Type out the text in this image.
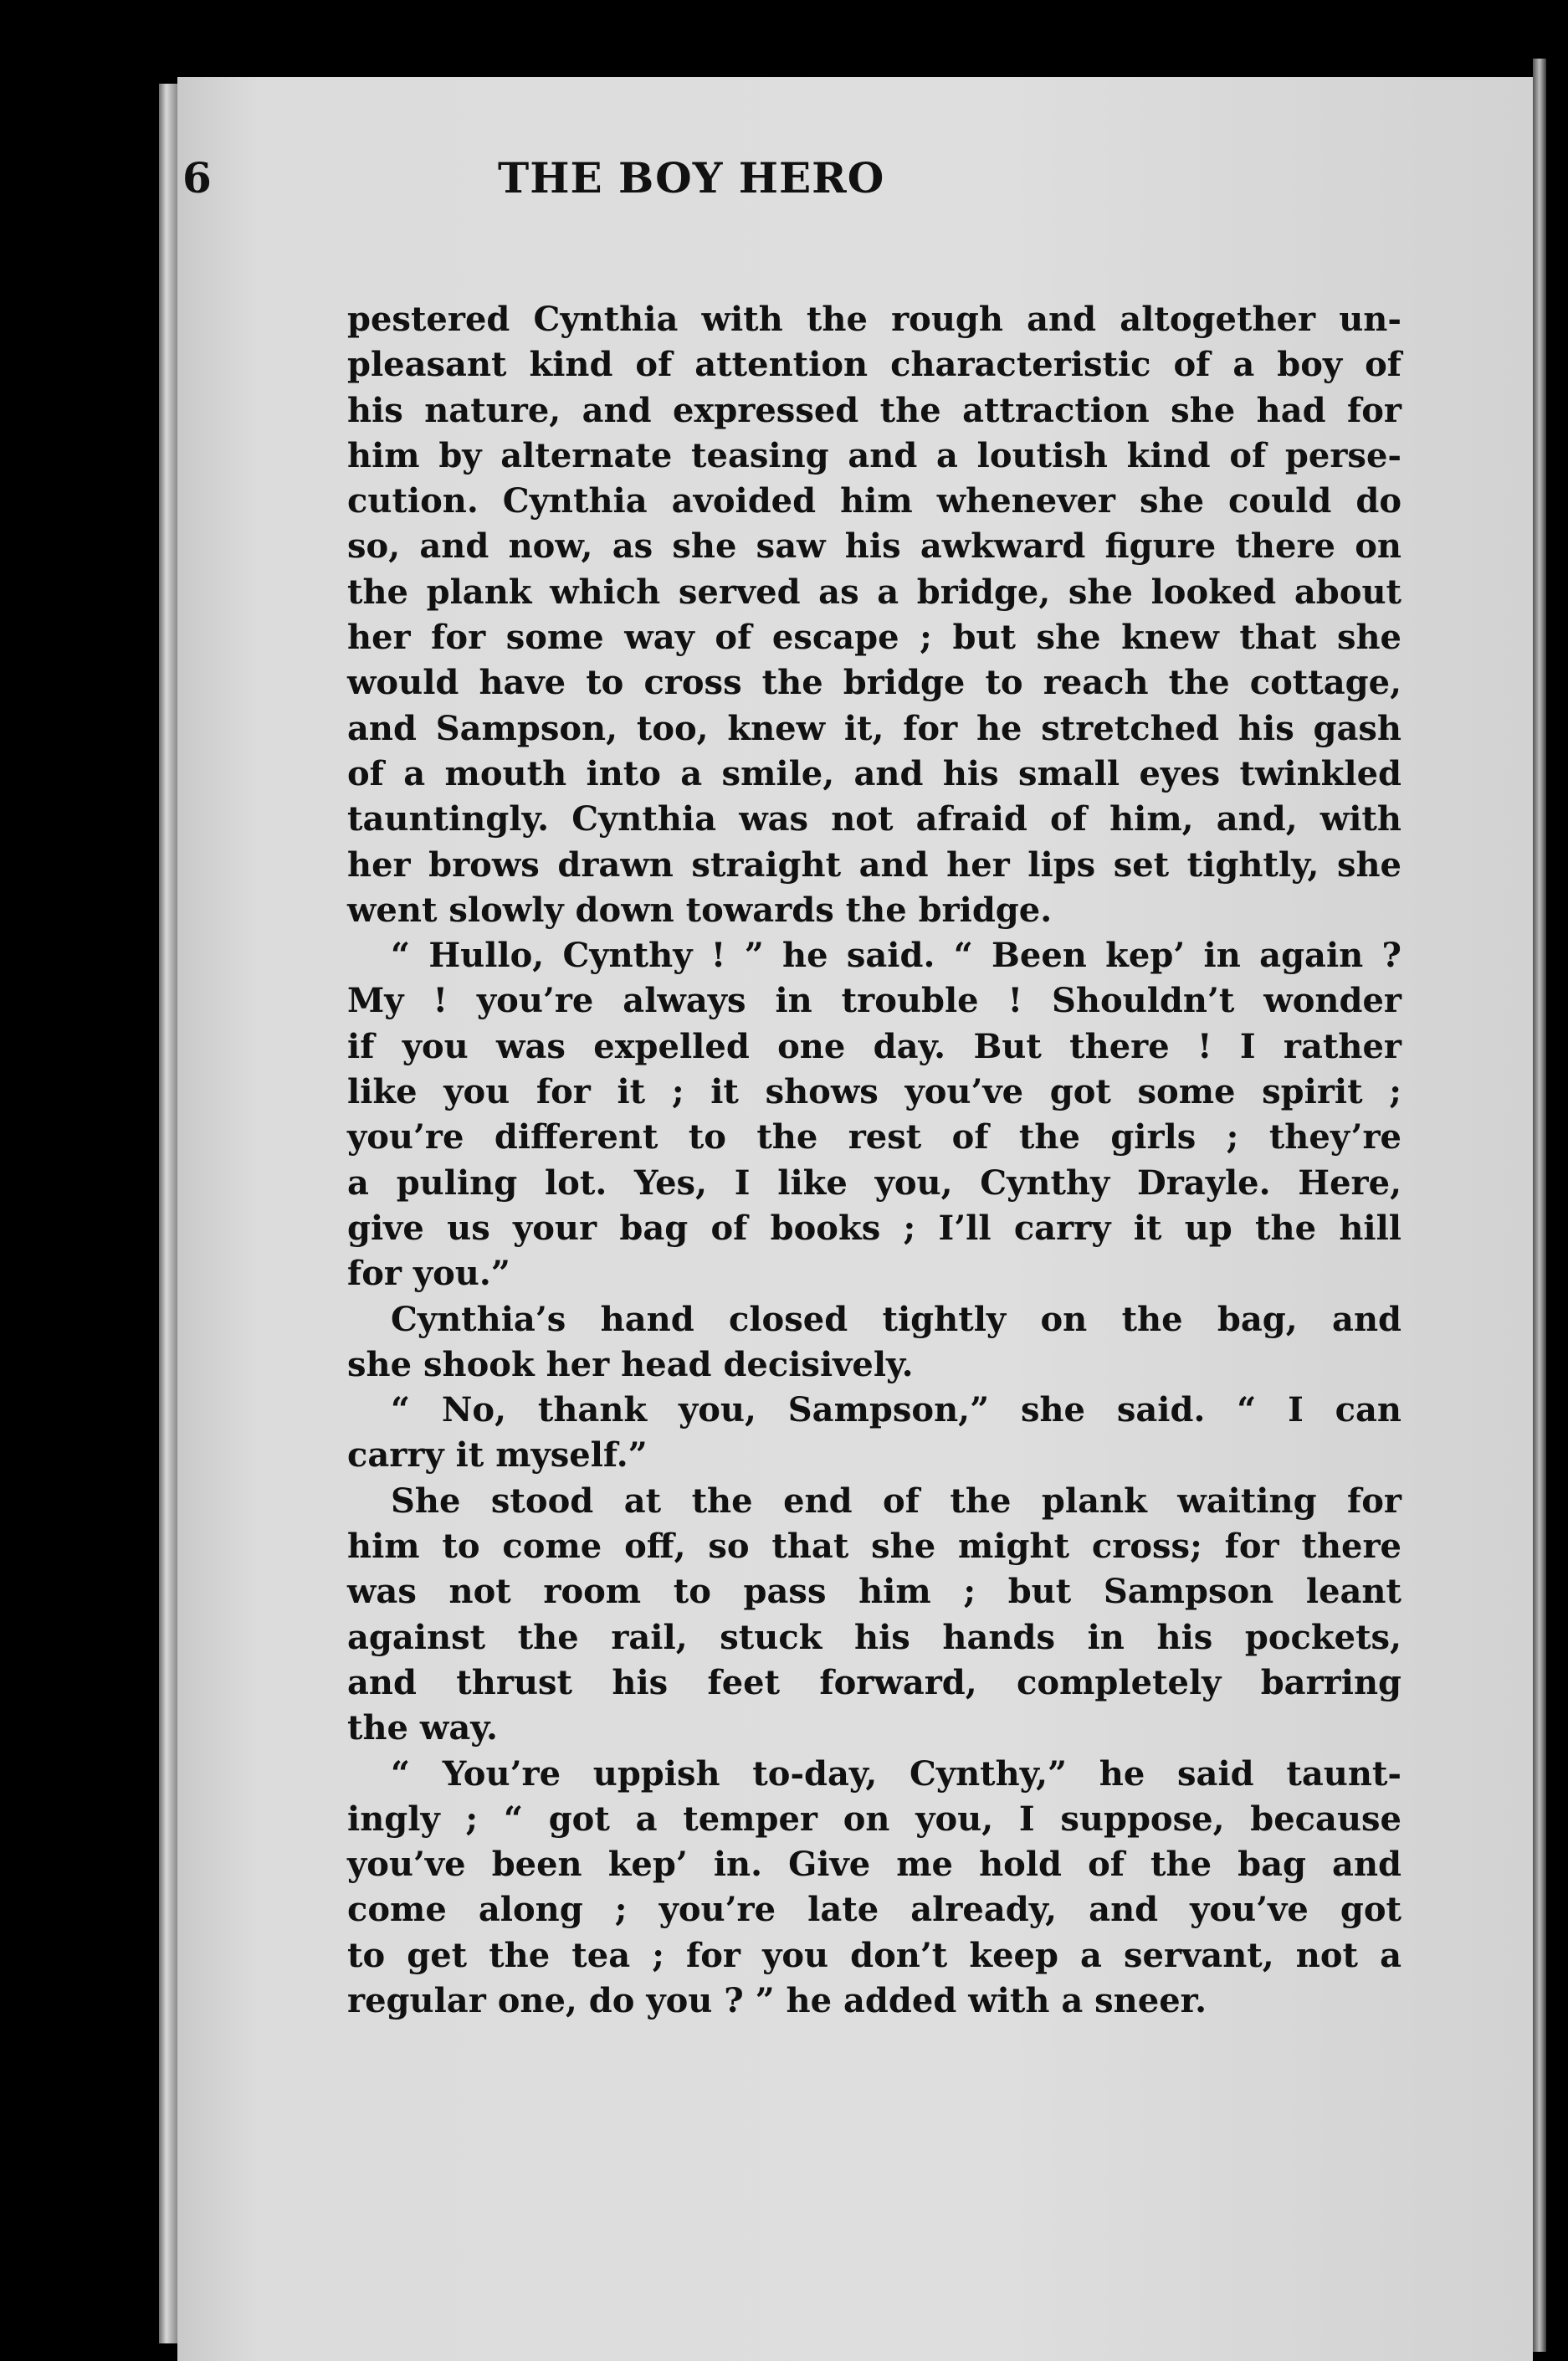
6	THE BOY HERO
pestered Cynthia with the rough and altogether un-
pleasant kind of attention characteristic of a boy of
his nature, and expressed the attraction she had for
him by alternate teasing and a loutish kind of perse-
cution. Cynthia avoided him whenever she could do
so, and now, as she saw his awkward figure there on
the plank which served as a bridge, she looked about
her for some way of escape ; but she knew that she
would have to cross the bridge to reach the cottage,
and Sampson, too, knew it, for he stretched his gash
of a mouth into a smile, and his small eyes twinkled
tauntingly. Cynthia was not afraid of him, and, with
her brows drawn straight and her lips set tightly, she
went slowly down towards the bridge.
“ Hullo, Cynthy ! ” he said. “ Been kep’ in again ?
My ! you’re always in trouble ! Shouldn’t wonder
if you was expelled one day. But there ! I rather
like you for it ; it shows you’ve got some spirit ;
you’re different to the rest of the girls ; they’re
a puling lot. Yes, I like you, Cynthy Drayle. Here,
give us your bag of books ; I’ll carry it up the hill
for you.”
Cynthia’s hand closed tightly on the bag, and
she shook her head decisively.
“ No, thank you, Sampson,” she said. “ I can
carry it myself.”
She stood at the end of the plank waiting for
him to come off, so that she might cross; for there
was not room to pass him ; but Sampson leant
against the rail, stuck his hands in his pockets,
and thrust his feet forward, completely barring
the way.
“ You’re uppish to-day, Cynthy,” he said taunt-
ingly ; “ got a temper on you, I suppose, because
you’ve been kep’ in. Give me hold of the bag and
come along ; you’re late already, and you’ve got
to get the tea ; for you don’t keep a servant, not a
regular one, do you ? ” he added with a sneer.
